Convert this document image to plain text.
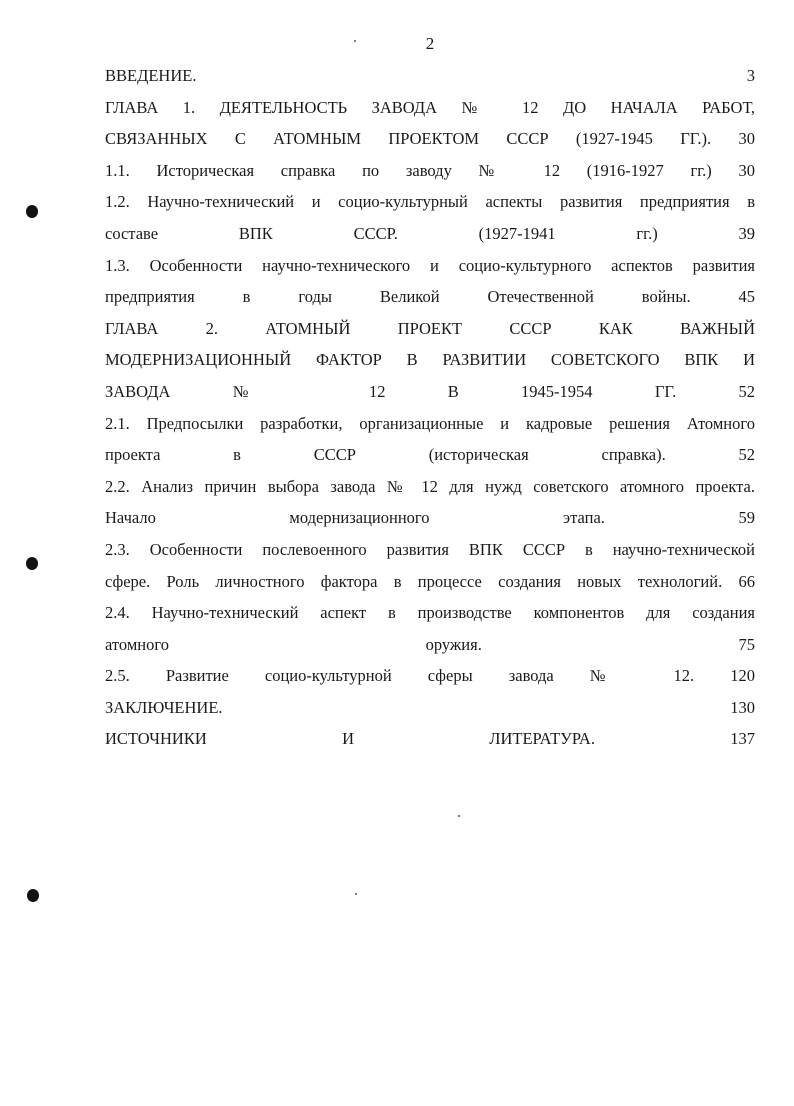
2
ВВЕДЕНИЕ.	3
ГЛАВА 1. ДЕЯТЕЛЬНОСТЬ ЗАВОДА № 12 ДО НАЧАЛА РАБОТ,
СВЯЗАННЫХ С АТОМНЫМ ПРОЕКТОМ СССР (1927-1945 ГГ.). 30
1.1. Историческая справка по заводу № 12 (1916-1927 гг.) 30
1.2. Научно-технический и социо-культурный аспекты развития предприятия в
составе ВПК СССР. (1927-1941 гг.)	39
1.3. Особенности научно-технического и социо-культурного аспектов развития
предприятия в годы Великой Отечественной войны.	45
ГЛАВА 2. АТОМНЫЙ ПРОЕКТ СССР КАК ВАЖНЫЙ
МОДЕРНИЗАЦИОННЫЙ ФАКТОР В РАЗВИТИИ СОВЕТСКОГО ВПК И
ЗАВОДА № 12 В 1945-1954 ГГ.	52
2.1. Предпосылки разработки, организационные и кадровые решения Атомного
проекта в СССР (историческая справка).	52
2.2. Анализ причин выбора завода № 12 для нужд советского атомного проекта.
Начало модернизационного этапа.	59
2.3. Особенности послевоенного развития ВПК СССР в научно-технической
сфере. Роль личностного фактора в процессе создания новых технологий. 66
2.4. Научно-технический аспект в производстве компонентов для создания
атомного оружия.	75
2.5. Развитие социо-культурной сферы завода № 12. 120
ЗАКЛЮЧЕНИЕ.	130
ИСТОЧНИКИ И ЛИТЕРАТУРА.	137
